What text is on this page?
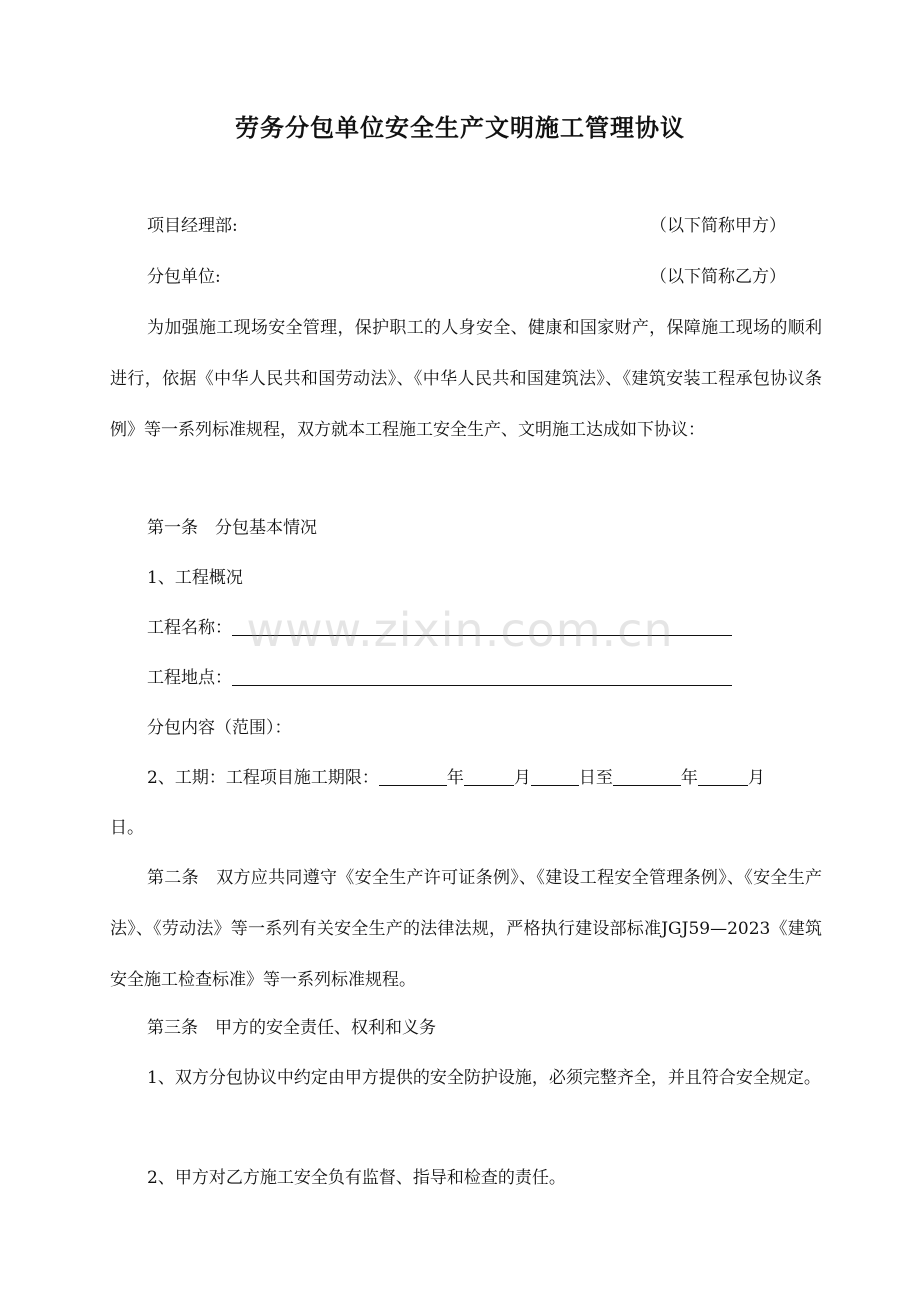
劳务分包单位安全生产文明施工管理协议
项目经理部:	（以下简称甲方）
分包单位:	（以下简称乙方）

为加强施工现场安全管理，保护职工的人身安全、健康和国家财产，保障施工现场的顺利进行，依据《中华人民共和国劳动法》、《中华人民共和国建筑法》、《建筑安装工程承包协议条例》等一系列标准规程，双方就本工程施工安全生产、文明施工达成如下协议：

第一条　分包基本情况
1、工程概况
工程名称：
工程地点：
分包内容（范围）：
2、工期：工程项目施工期限：	年	月	日至	年	月
日。

第二条　双方应共同遵守《安全生产许可证条例》、《建设工程安全管理条例》、《安全生产法》、《劳动法》等一系列有关安全生产的法律法规，严格执行建设部标准JGJ59—2023《建筑安全施工检查标准》等一系列标准规程。

第三条　甲方的安全责任、权利和义务

1、双方分包协议中约定由甲方提供的安全防护设施，必须完整齐全，并且符合安全规定。

2、甲方对乙方施工安全负有监督、指导和检查的责任。

www.zixin.com.cn
